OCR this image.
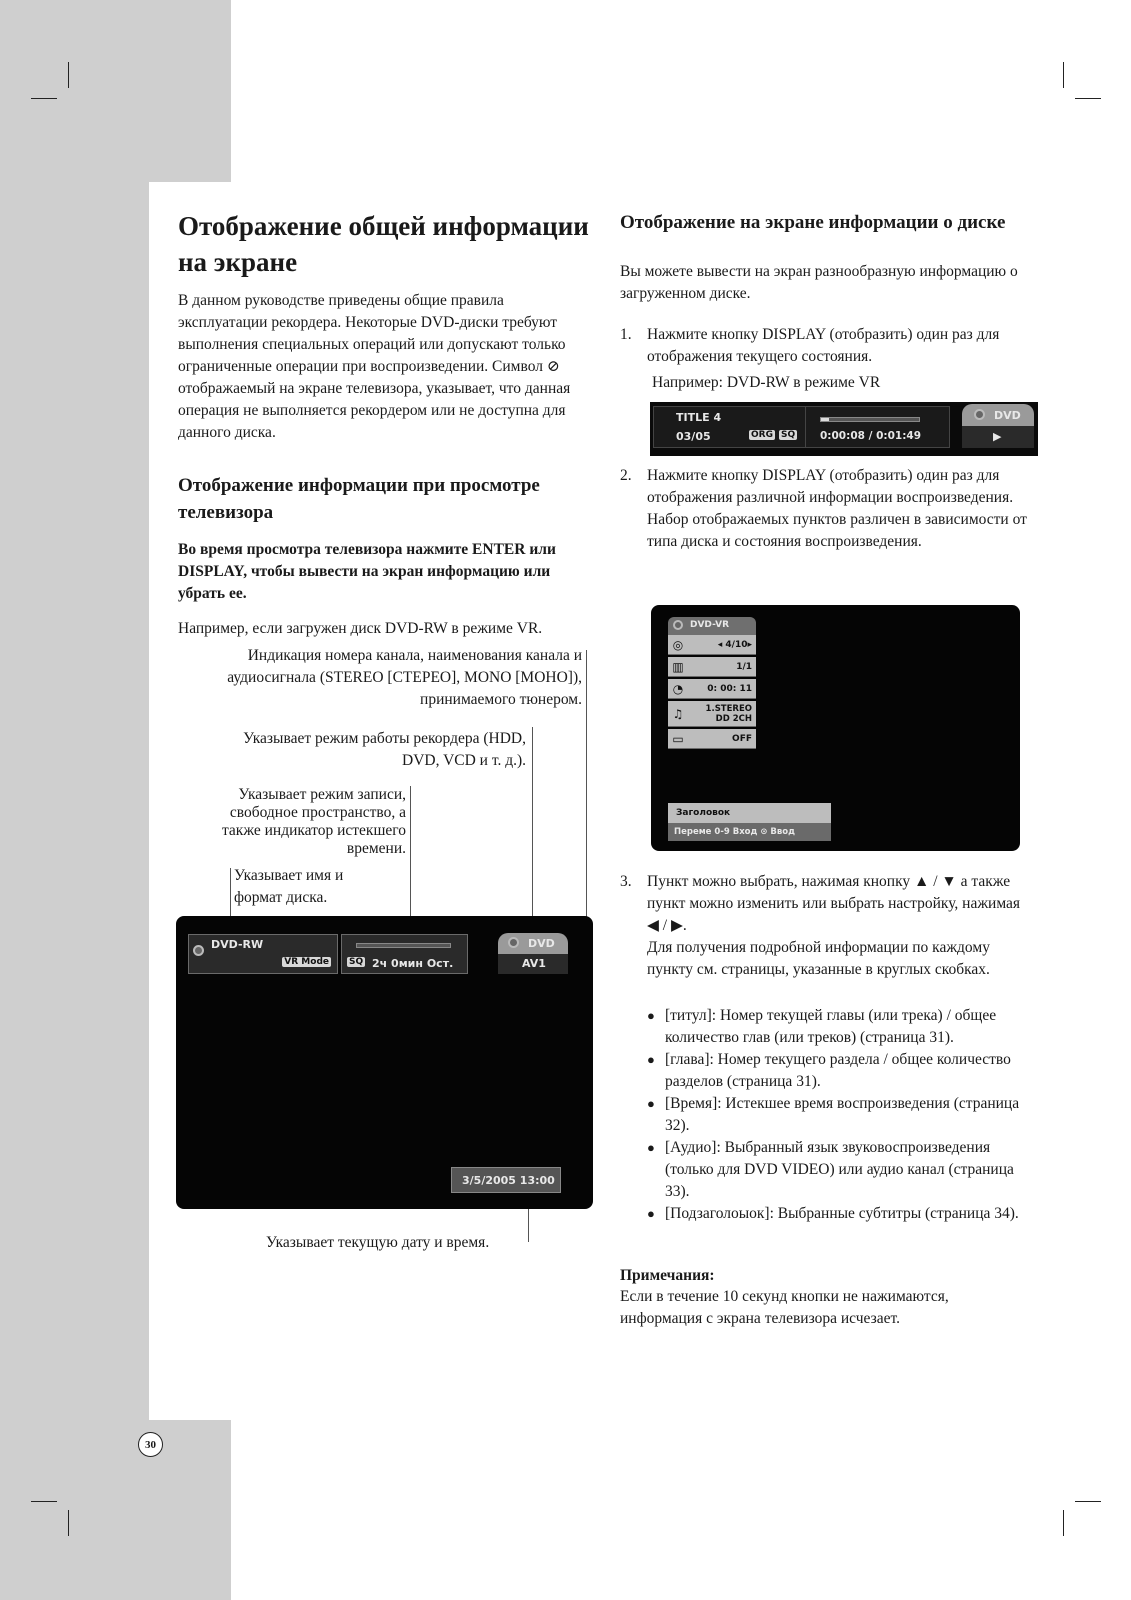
30
Отображение общей информации на экране
В данном руководстве приведены общие правила эксплуатации рекордера. Некоторые DVD-диски требуют выполнения специальных операций или допускают только ограниченные операции при воспроизведении. Символ ⊘ отображаемый на экране телевизора, указывает, что данная операция не выполняется рекордером или не доступна для данного диска.
Отображение информации при просмотре телевизора
Во время просмотра телевизора нажмите ENTER или DISPLAY, чтобы вывести на экран информацию или убрать ее.
Например, если загружен диск DVD-RW в режиме VR.
Индикация номера канала, наименования канала и аудиосигнала (STEREO [СТЕРЕО], MONO [МОНО]), принимаемого тюнером.
Указывает режим работы рекордера (HDD, DVD, VCD и т. д.).
Указывает режим записи, свободное пространство, а также индикатор истекшего времени.
Указывает имя и формат диска.
DVD-RW
VR Mode SQ 2ч 0мин Ост.
DVD
AV1
3/5/2005 13:00
Указывает текущую дату и время.
Отображение на экране информации о диске
Вы можете вывести на экран разнообразную информацию о загруженном диске.
1. Нажмите кнопку DISPLAY (отобразить) один раз для отображения текущего состояния.
Например: DVD-RW в режиме VR
TITLE 4
03/05	ORG SQ 0:00:08 / 0:01:49
DVD
▶
2. Нажмите кнопку DISPLAY (отобразить) один раз для отображения различной информации воспроизведения.
Набор отображаемых пунктов различен в зависимости от типа диска и состояния воспроизведения.
DVD-VR
◎	◂ 4/10▸
▥	1/1
◔	0: 00: 11
♫	1.STEREO
DD 2CH
▭	OFF
Заголовок
Переме 0-9 Вход ⊙ Ввод
3. Пункт можно выбрать, нажимая кнопку ▲ / ▼ а также пункт можно изменить или выбрать настройку, нажимая ◀ / ▶.
Для получения подробной информации по каждому пункту см. страницы, указанные в круглых скобках.
● [титул]: Номер текущей главы (или трека) / общее количество глав (или треков) (страница 31).
● [глава]: Номер текущего раздела / общее количество разделов (страница 31).
● [Время]: Истекшее время воспроизведения (страница 32).
● [Аудио]: Выбранный язык звуковоспроизведения (только для DVD VIDEO) или аудио канал (страница 33).
● [Подзаголоыок]: Выбранные субтитры (страница 34).
Примечания:
Если в течение 10 секунд кнопки не нажимаются, информация с экрана телевизора исчезает.
